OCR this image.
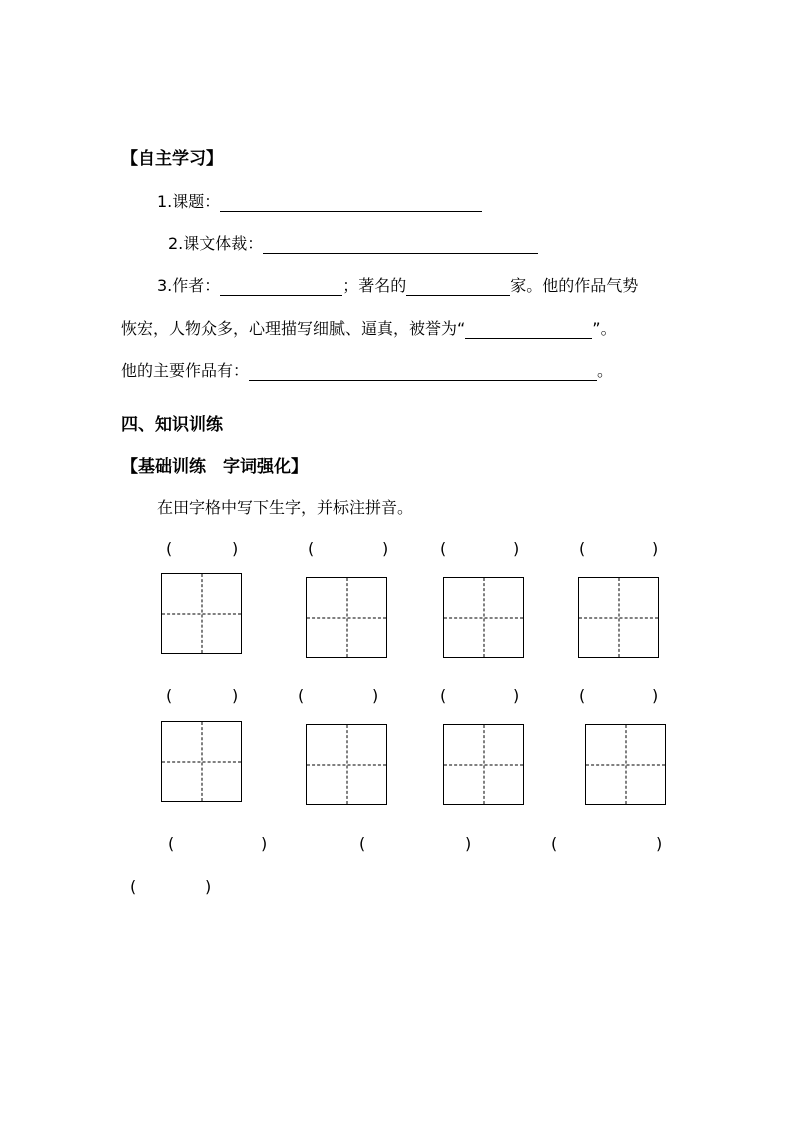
【自主学习】
1.课题：
2.课文体裁：
3.作者：	；著名的	家。他的作品气势
恢宏，人物众多，心理描写细腻、逼真，被誉为“	”。
他的主要作品有：	。
四、知识训练
【基础训练　字词强化】
在田字格中写下生字，并标注拼音。
(	)	(	)	(	)	(	)
(	)	(	)	(	)	(	)
(	)	(	)	(	)
(	)
